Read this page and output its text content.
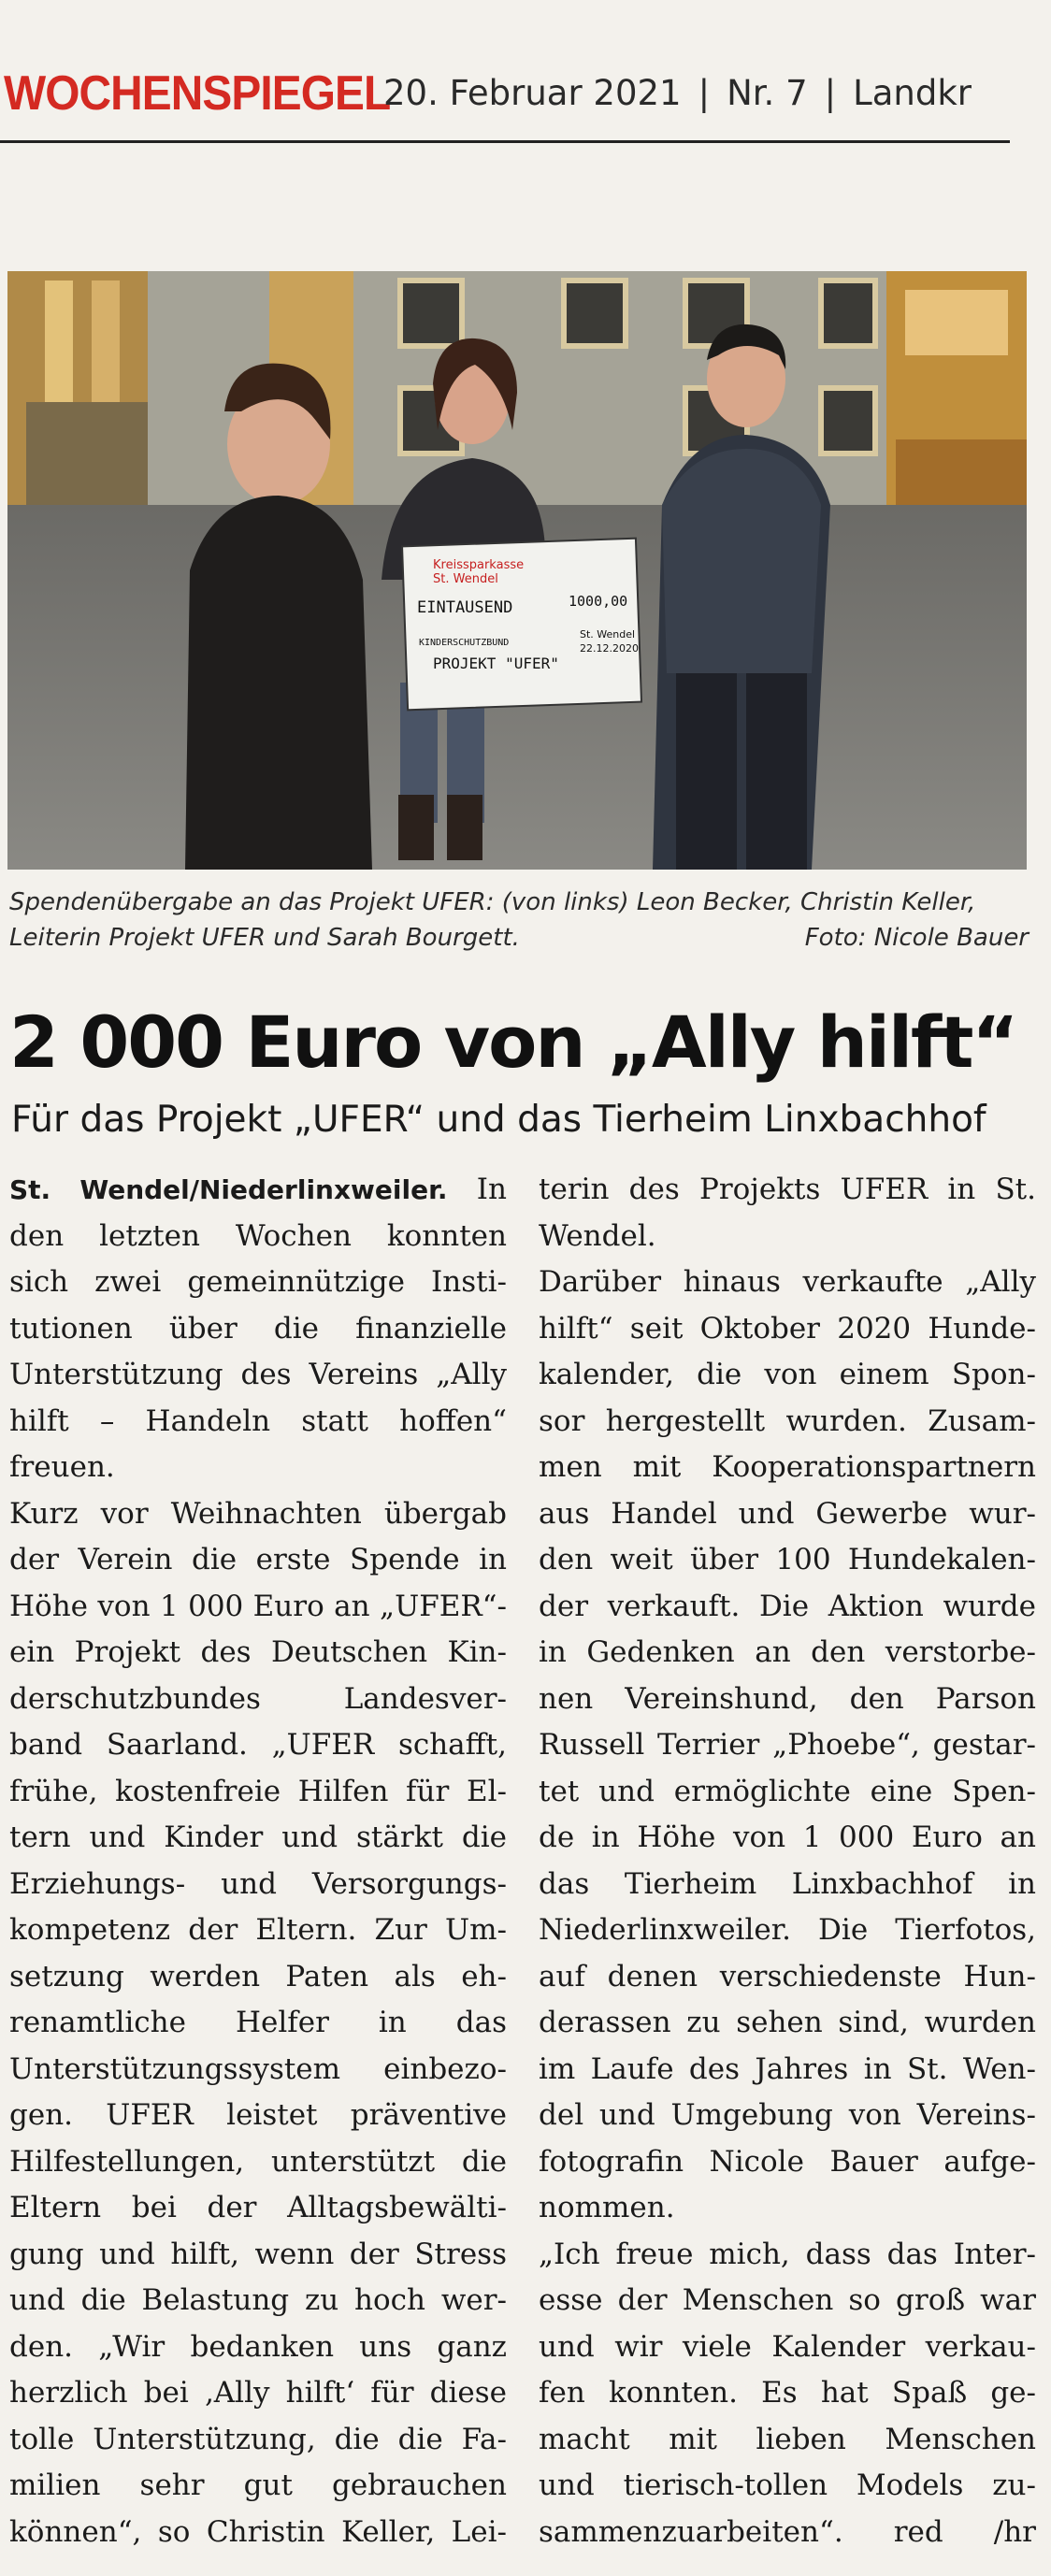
WOCHENSPIEGEL
20. Februar 2021 | Nr. 7 | Landkr
Kreissparkasse
St. Wendel
EINTAUSEND	1000,00
KINDERSCHUTZBUND
PROJEKT "UFER"
St. Wendel
22.12.2020
Spendenübergabe an das Projekt UFER: (von links) Leon Becker, Christin Keller,
Leiterin Projekt UFER und Sarah Bourgett.	Foto: Nicole Bauer
2 000 Euro von „Ally hilft“
Für das Projekt „UFER“ und das Tierheim Linxbachhof
St. Wendel/Niederlinxweiler. In
den letzten Wochen konnten
sich zwei gemeinnützige Insti-
tutionen über die finanzielle
Unterstützung des Vereins „Ally
hilft – Handeln statt hoffen“
freuen.
Kurz vor Weihnachten übergab
der Verein die erste Spende in
Höhe von 1 000 Euro an „UFER“-
ein Projekt des Deutschen Kin-
derschutzbundes Landesver-
band Saarland. „UFER schafft,
frühe, kostenfreie Hilfen für El-
tern und Kinder und stärkt die
Erziehungs- und Versorgungs-
kompetenz der Eltern. Zur Um-
setzung werden Paten als eh-
renamtliche Helfer in das
Unterstützungssystem einbezo-
gen. UFER leistet präventive
Hilfestellungen, unterstützt die
Eltern bei der Alltagsbewälti-
gung und hilft, wenn der Stress
und die Belastung zu hoch wer-
den. „Wir bedanken uns ganz
herzlich bei ‚Ally hilft‘ für diese
tolle Unterstützung, die die Fa-
milien sehr gut gebrauchen
können“, so Christin Keller, Lei-
terin des Projekts UFER in St.
Wendel.
Darüber hinaus verkaufte „Ally
hilft“ seit Oktober 2020 Hunde-
kalender, die von einem Spon-
sor hergestellt wurden. Zusam-
men mit Kooperationspartnern
aus Handel und Gewerbe wur-
den weit über 100 Hundekalen-
der verkauft. Die Aktion wurde
in Gedenken an den verstorbe-
nen Vereinshund, den Parson
Russell Terrier „Phoebe“, gestar-
tet und ermöglichte eine Spen-
de in Höhe von 1 000 Euro an
das Tierheim Linxbachhof in
Niederlinxweiler. Die Tierfotos,
auf denen verschiedenste Hun-
derassen zu sehen sind, wurden
im Laufe des Jahres in St. Wen-
del und Umgebung von Vereins-
fotografin Nicole Bauer aufge-
nommen.
„Ich freue mich, dass das Inter-
esse der Menschen so groß war
und wir viele Kalender verkau-
fen konnten. Es hat Spaß ge-
macht mit lieben Menschen
und tierisch-tollen Models zu-
sammenzuarbeiten“. red /hr
